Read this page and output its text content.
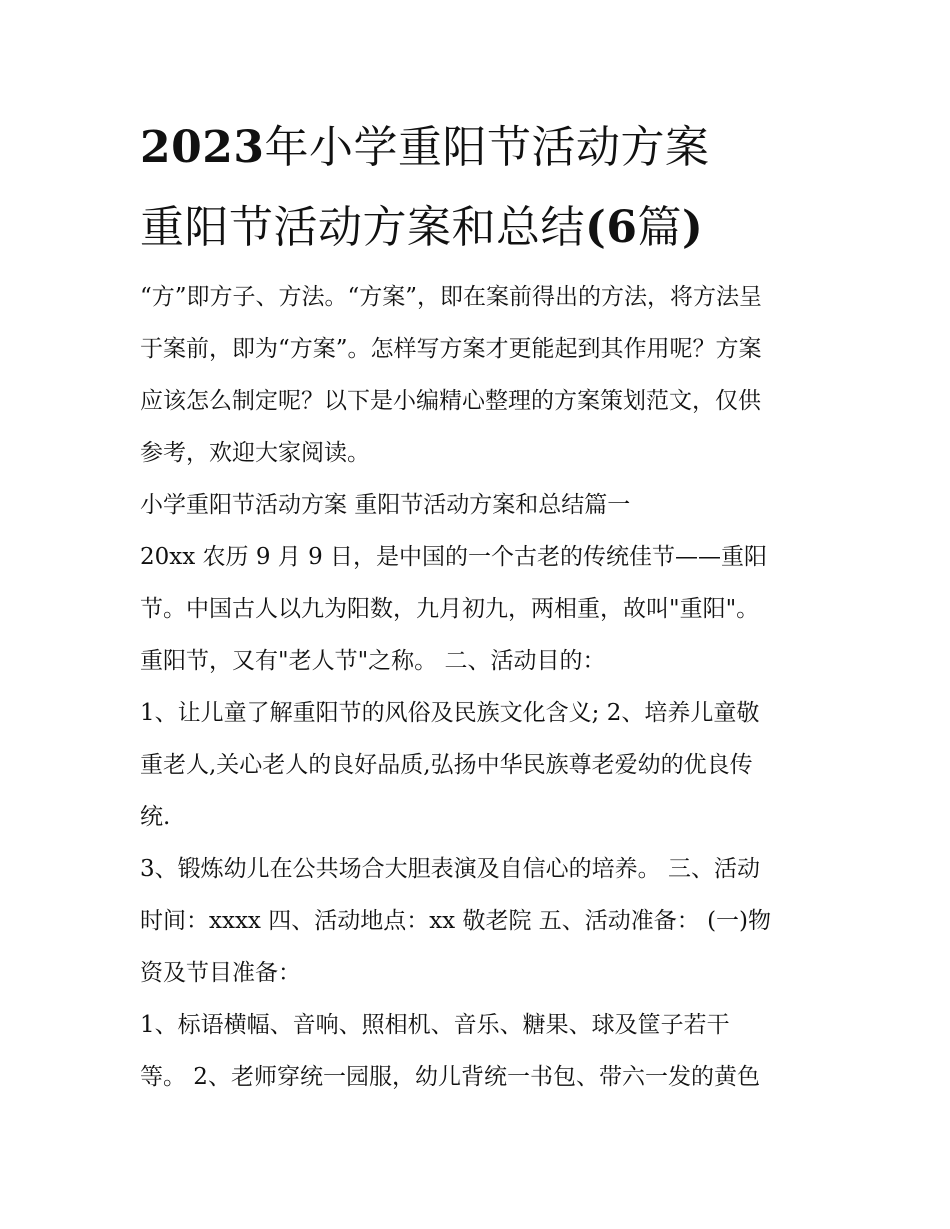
2023年小学重阳节活动方案
重阳节活动方案和总结(6篇)
“方”即方子、方法。“方案”，即在案前得出的方法，将方法呈
于案前，即为“方案”。怎样写方案才更能起到其作用呢？方案
应该怎么制定呢？以下是小编精心整理的方案策划范文，仅供
参考，欢迎大家阅读。
小学重阳节活动方案 重阳节活动方案和总结篇一
20xx 农历 9 月 9 日，是中国的一个古老的传统佳节——重阳
节。中国古人以九为阳数，九月初九，两相重，故叫"重阳"。
重阳节，又有"老人节"之称。 二、活动目的：
1、让儿童了解重阳节的风俗及民族文化含义; 2、培养儿童敬
重老人,关心老人的良好品质,弘扬中华民族尊老爱幼的优良传
统.
3、锻炼幼儿在公共场合大胆表演及自信心的培养。 三、活动
时间：xxxx 四、活动地点：xx 敬老院 五、活动准备： (一)物
资及节目准备：
1、标语横幅、音响、照相机、音乐、糖果、球及筐子若干
等。 2、老师穿统一园服，幼儿背统一书包、带六一发的黄色
